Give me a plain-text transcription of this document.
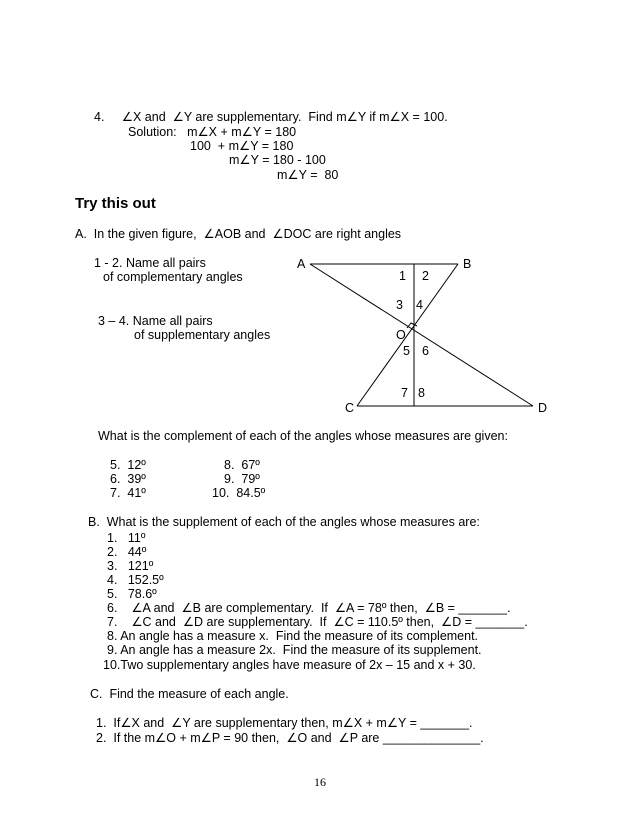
4.     ∠X and  ∠Y are supplementary.  Find m∠Y if m∠X = 100.
Solution:   m∠X + m∠Y = 180
100  + m∠Y = 180
m∠Y = 180 - 100
m∠Y =  80
Try this out
A.  In the given figure,  ∠AOB and  ∠DOC are right angles
1 - 2. Name all pairs
of complementary angles
3 – 4. Name all pairs
of supplementary angles
A	B
C	D
O
1 2
3 4
5 6
7 8
What is the complement of each of the angles whose measures are given:
5.  12º
6.  39º
7.  41º
8.  67º
9.  79º
10.  84.5º
B.  What is the supplement of each of the angles whose measures are:
1.   11º
2.   44º
3.   121º
4.   152.5º
5.   78.6º
6.    ∠A and  ∠B are complementary.  If  ∠A = 78º then,  ∠B = _______.
7.    ∠C and  ∠D are supplementary.  If  ∠C = 110.5º then,  ∠D = _______.
8. An angle has a measure x.  Find the measure of its complement.
9. An angle has a measure 2x.  Find the measure of its supplement.
10.Two supplementary angles have measure of 2x – 15 and x + 30.
C.  Find the measure of each angle.
1.  If∠X and  ∠Y are supplementary then, m∠X + m∠Y = _______.
2.  If the m∠O + m∠P = 90 then,  ∠O and  ∠P are ______________.
16
